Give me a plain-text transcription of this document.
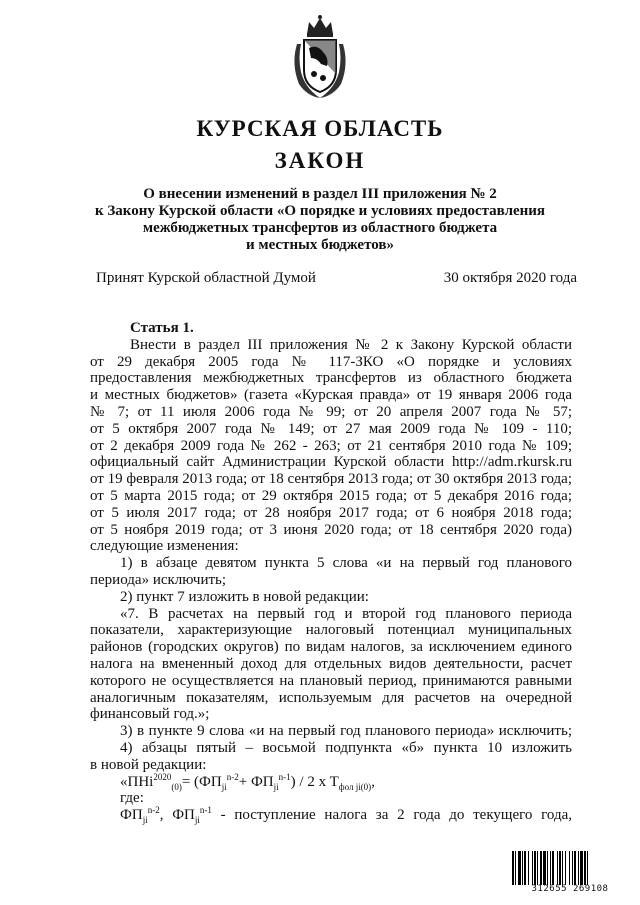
КУРСКАЯ ОБЛАСТЬ
ЗАКОН
О внесении изменений в раздел III приложения № 2
к Закону Курской области «О порядке и условиях предоставления
межбюджетных трансфертов из областного бюджета
и местных бюджетов»
Принят Курской областной Думой	30 октября 2020 года
Статья 1.
Внести в раздел III приложения № 2 к Закону Курской области
от 29 декабря 2005 года № 117-ЗКО «О порядке и условиях
предоставления межбюджетных трансфертов из областного бюджета
и местных бюджетов» (газета «Курская правда» от 19 января 2006 года
№ 7; от 11 июля 2006 года № 99; от 20 апреля 2007 года № 57;
от 5 октября 2007 года № 149; от 27 мая 2009 года № 109 - 110;
от 2 декабря 2009 года № 262 - 263; от 21 сентября 2010 года № 109;
официальный сайт Администрации Курской области http://adm.rkursk.ru
от 19 февраля 2013 года; от 18 сентября 2013 года; от 30 октября 2013 года;
от 5 марта 2015 года; от 29 октября 2015 года; от 5 декабря 2016 года;
от 5 июля 2017 года; от 28 ноября 2017 года; от 6 ноября 2018 года;
от 5 ноября 2019 года; от 3 июня 2020 года; от 18 сентября 2020 года)
следующие изменения:
1) в абзаце девятом пункта 5 слова «и на первый год планового
периода» исключить;
2) пункт 7 изложить в новой редакции:
«7. В расчетах на первый год и второй год планового периода
показатели, характеризующие налоговый потенциал муниципальных
районов (городских округов) по видам налогов, за исключением единого
налога на вмененный доход для отдельных видов деятельности, расчет
которого не осуществляется на плановый период, принимаются равными
аналогичным показателям, используемым для расчетов на очередной
финансовый год.»;
3) в пункте 9 слова «и на первый год планового периода» исключить;
4) абзацы пятый – восьмой подпункта «б» пункта 10 изложить
в новой редакции:
«$ПНi^{2020}_{(0)}= (ФП_{ji}^{n-2}+ ФП_{ji}^{n-1}) / 2$ x $T_{фол ji(0)}$,
где:
$ФП_{ji}^{n-2}$, $ФП_{ji}^{n-1}$ - поступление налога за 2 года до текущего года,
312655 269108
